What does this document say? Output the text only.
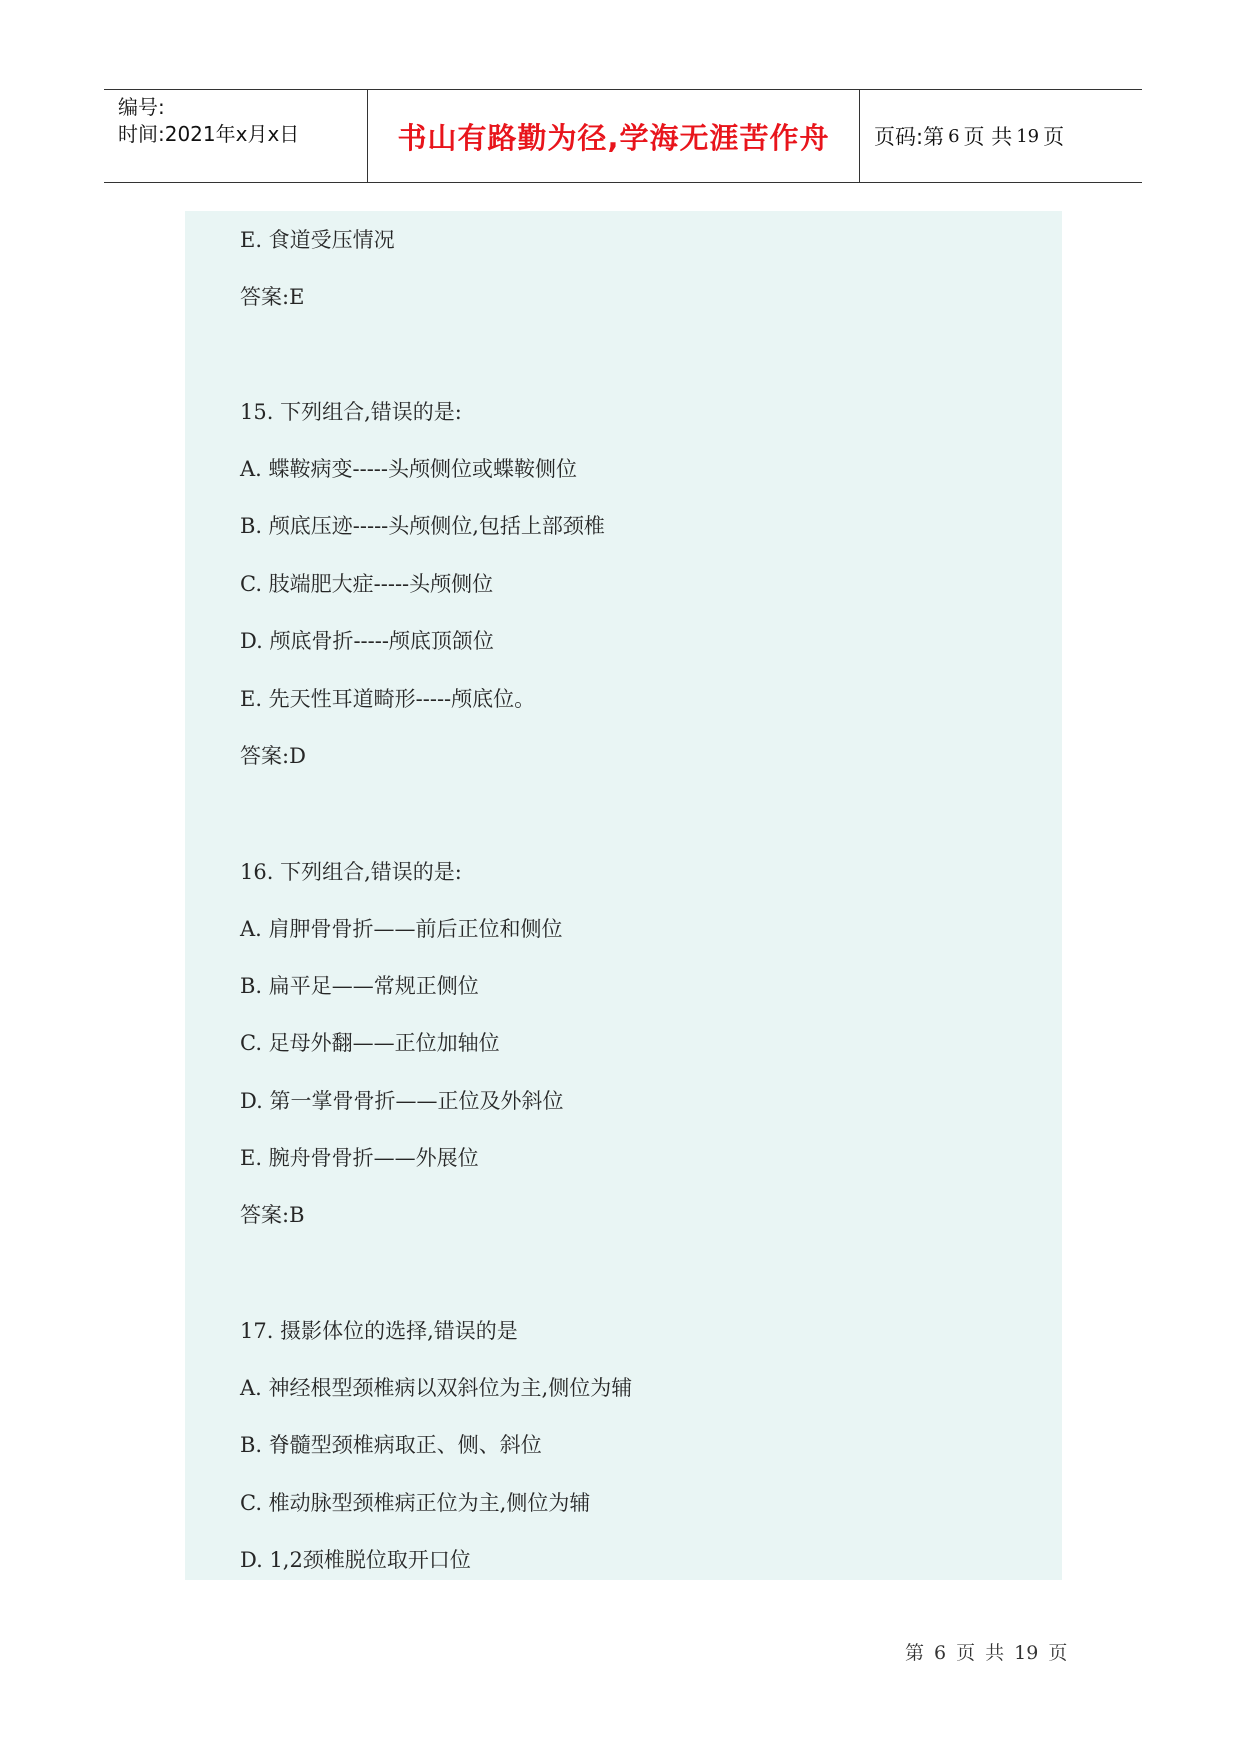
编号:
时间:2021年x月x日	书山有路勤为径,学海无涯苦作舟	页码:第 6 页 共 19 页
E. 食道受压情况
答案:E
15. 下列组合,错误的是:
A. 蝶鞍病变-----头颅侧位或蝶鞍侧位
B. 颅底压迹-----头颅侧位,包括上部颈椎
C. 肢端肥大症-----头颅侧位
D. 颅底骨折-----颅底顶颌位
E. 先天性耳道畸形-----颅底位。
答案:D
16. 下列组合,错误的是:
A. 肩胛骨骨折——前后正位和侧位
B. 扁平足——常规正侧位
C. 足母外翻——正位加轴位
D. 第一掌骨骨折——正位及外斜位
E. 腕舟骨骨折——外展位
答案:B
17. 摄影体位的选择,错误的是
A. 神经根型颈椎病以双斜位为主,侧位为辅
B. 脊髓型颈椎病取正、侧、斜位
C. 椎动脉型颈椎病正位为主,侧位为辅
D. 1,2颈椎脱位取开口位
第 6 页 共 19 页
